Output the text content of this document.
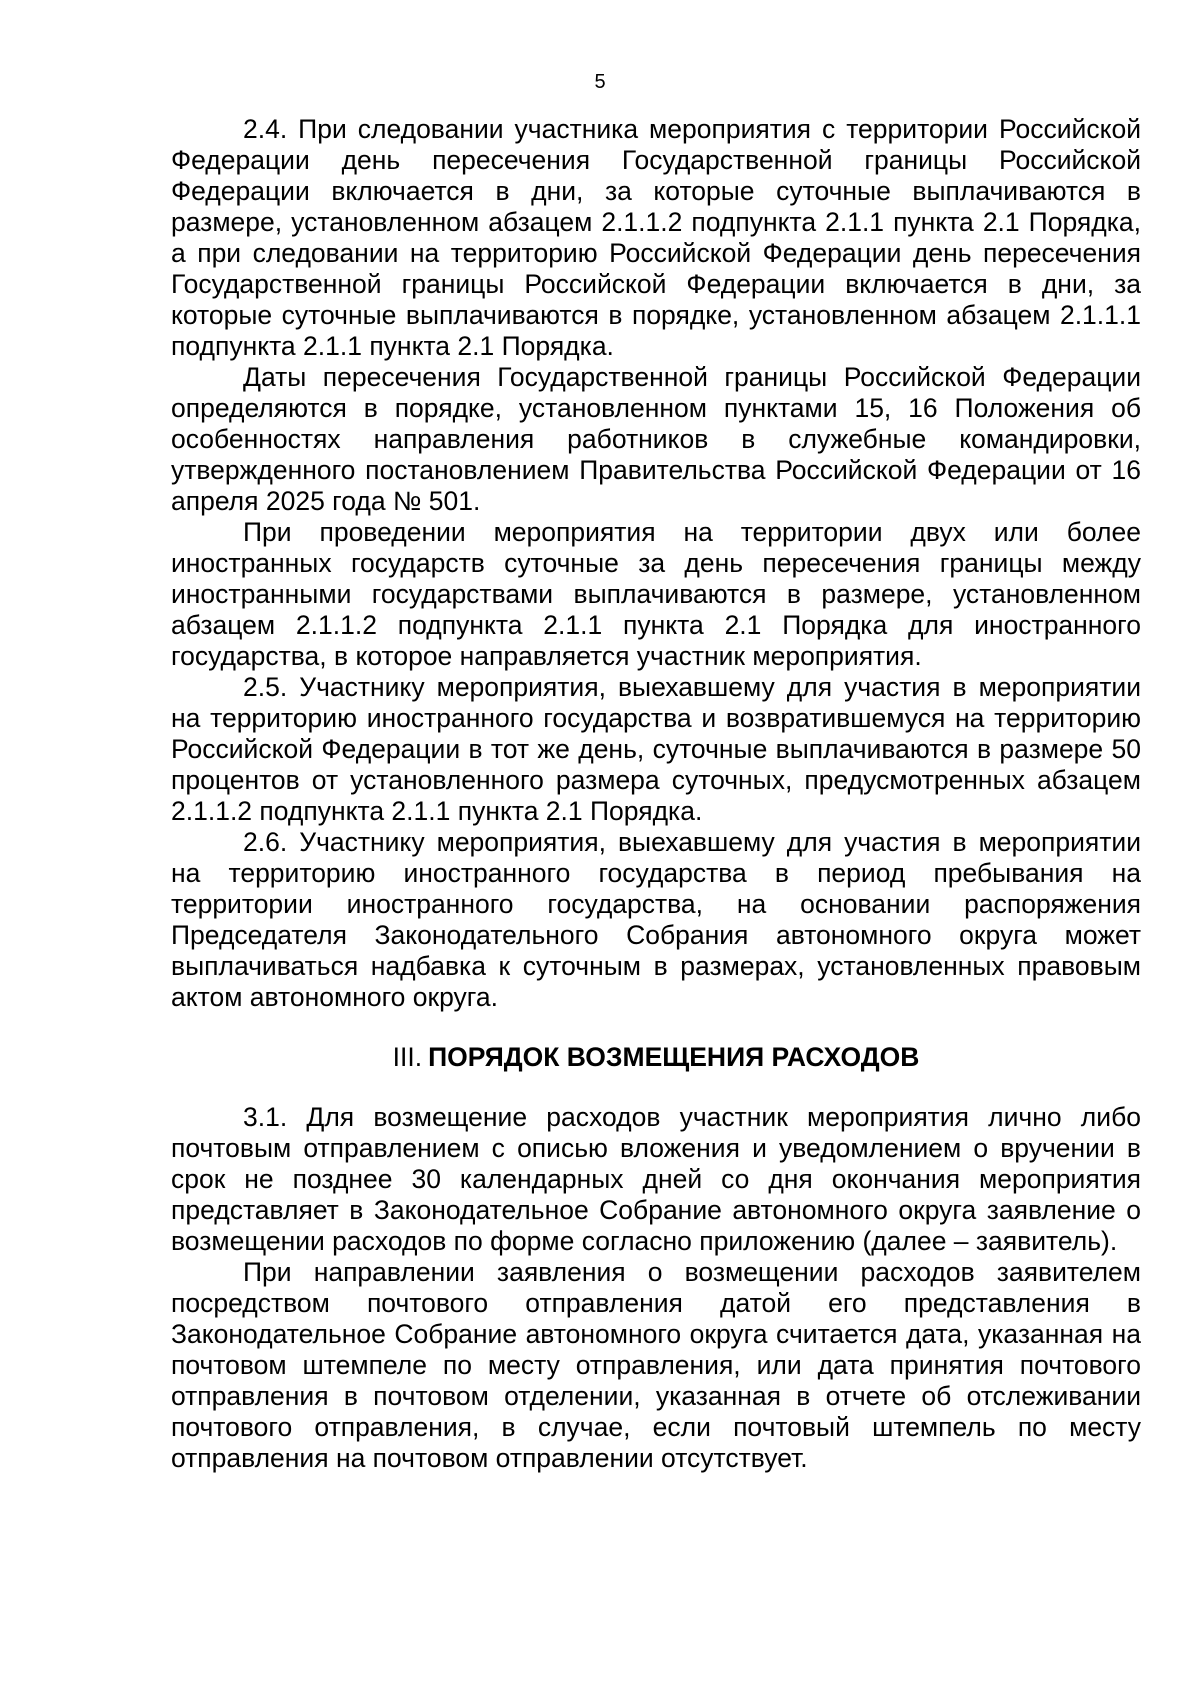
5

2.4. При следовании участника мероприятия с территории Российской Федерации день пересечения Государственной границы Российской Федерации включается в дни, за которые суточные выплачиваются в размере, установленном абзацем 2.1.1.2 подпункта 2.1.1 пункта 2.1 Порядка, а при следовании на территорию Российской Федерации день пересечения Государственной границы Российской Федерации включается в дни, за которые суточные выплачиваются в порядке, установленном абзацем 2.1.1.1 подпункта 2.1.1 пункта 2.1 Порядка.

Даты пересечения Государственной границы Российской Федерации определяются в порядке, установленном пунктами 15, 16 Положения об особенностях направления работников в служебные командировки, утвержденного постановлением Правительства Российской Федерации от 16 апреля 2025 года № 501.

При проведении мероприятия на территории двух или более иностранных государств суточные за день пересечения границы между иностранными государствами выплачиваются в размере, установленном абзацем 2.1.1.2 подпункта 2.1.1 пункта 2.1 Порядка для иностранного государства, в которое направляется участник мероприятия.

2.5. Участнику мероприятия, выехавшему для участия в мероприятии на территорию иностранного государства и возвратившемуся на территорию Российской Федерации в тот же день, суточные выплачиваются в размере 50 процентов от установленного размера суточных, предусмотренных абзацем 2.1.1.2 подпункта 2.1.1 пункта 2.1 Порядка.

2.6. Участнику мероприятия, выехавшему для участия в мероприятии на территорию иностранного государства в период пребывания на территории иностранного государства, на основании распоряжения Председателя Законодательного Собрания автономного округа может выплачиваться надбавка к суточным в размерах, установленных правовым актом автономного округа.

III. ПОРЯДОК ВОЗМЕЩЕНИЯ РАСХОДОВ

3.1. Для возмещение расходов участник мероприятия лично либо почтовым отправлением с описью вложения и уведомлением о вручении в срок не позднее 30 календарных дней со дня окончания мероприятия представляет в Законодательное Собрание автономного округа заявление о возмещении расходов по форме согласно приложению (далее – заявитель).

При направлении заявления о возмещении расходов заявителем посредством почтового отправления датой его представления в Законодательное Собрание автономного округа считается дата, указанная на почтовом штемпеле по месту отправления, или дата принятия почтового отправления в почтовом отделении, указанная в отчете об отслеживании почтового отправления, в случае, если почтовый штемпель по месту отправления на почтовом отправлении отсутствует.
